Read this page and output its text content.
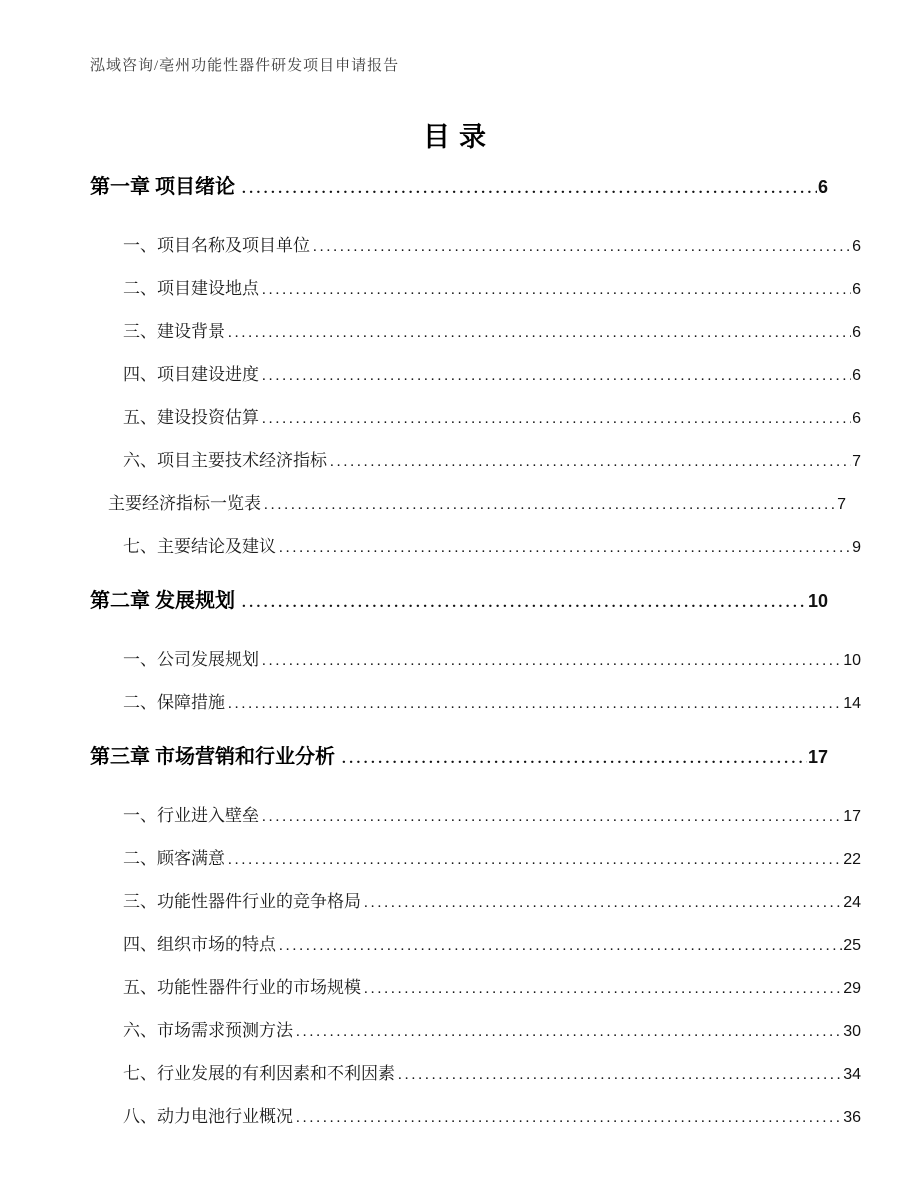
泓域咨询/亳州功能性器件研发项目申请报告
目录
第一章 项目绪论 .....	6
一、项目名称及项目单位 .....	6
二、项目建设地点 .....	6
三、建设背景 .....	6
四、项目建设进度 .....	6
五、建设投资估算 .....	6
六、项目主要技术经济指标 .....	7
主要经济指标一览表 .....	7
七、主要结论及建议 .....	9
第二章 发展规划 .....	10
一、公司发展规划 .....	10
二、保障措施 .....	14
第三章 市场营销和行业分析 .....	17
一、行业进入壁垒 .....	17
二、顾客满意 .....	22
三、功能性器件行业的竞争格局 .....	24
四、组织市场的特点 .....	25
五、功能性器件行业的市场规模 .....	29
六、市场需求预测方法 .....	30
七、行业发展的有利因素和不利因素 .....	34
八、动力电池行业概况 .....	36
